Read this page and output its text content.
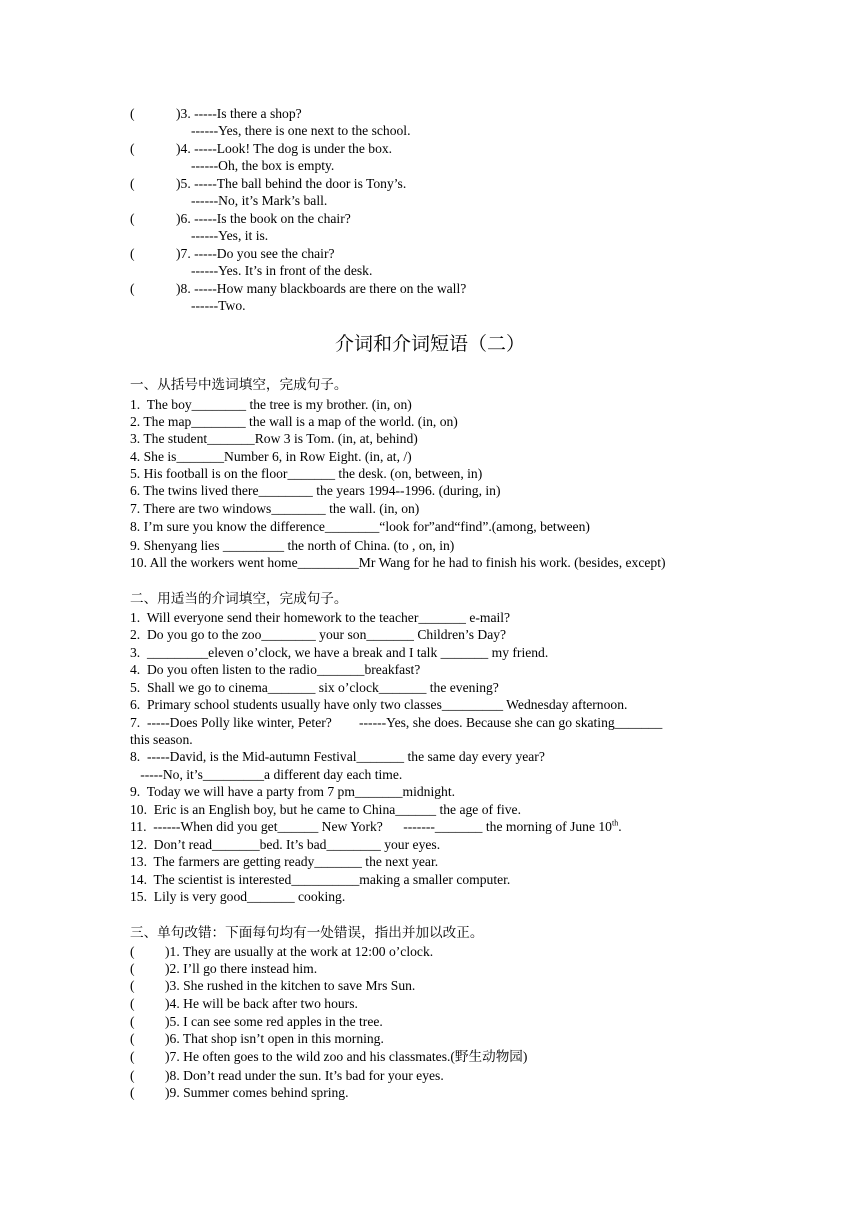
(	)3. -----Is there a shop?
------Yes, there is one next to the school.
(	)4. -----Look! The dog is under the box.
------Oh, the box is empty.
(	)5. -----The ball behind the door is Tony’s.
------No, it’s Mark’s ball.
(	)6. -----Is the book on the chair?
------Yes, it is.
(	)7. -----Do you see the chair?
------Yes. It’s in front of the desk.
(	)8. -----How many blackboards are there on the wall?
------Two.
介词和介词短语（二）
一、从括号中选词填空，完成句子。
1.  The boy________ the tree is my brother. (in, on)
2. The map________ the wall is a map of the world. (in, on)
3. The student_______Row 3 is Tom. (in, at, behind)
4. She is_______Number 6, in Row Eight. (in, at, /)
5. His football is on the floor_______ the desk. (on, between, in)
6. The twins lived there________ the years 1994--1996. (during, in)
7. There are two windows________ the wall. (in, on)
8. I’m sure you know the difference________“look for”and“find”.(among, between)
9. Shenyang lies _________ the north of China. (to , on, in)
10. All the workers went home_________Mr Wang for he had to finish his work. (besides, except)
二、用适当的介词填空，完成句子。
1.  Will everyone send their homework to the teacher_______ e-mail?
2.  Do you go to the zoo________ your son_______ Children’s Day?
3.  _________eleven o’clock, we have a break and I talk _______ my friend.
4.  Do you often listen to the radio_______breakfast?
5.  Shall we go to cinema_______ six o’clock_______ the evening?
6.  Primary school students usually have only two classes_________ Wednesday afternoon.
7.  -----Does Polly like winter, Peter?        ------Yes, she does. Because she can go skating_______
this season.
8.  -----David, is the Mid-autumn Festival_______ the same day every year?
-----No, it’s_________a different day each time.
9.  Today we will have a party from 7 pm_______midnight.
10.  Eric is an English boy, but he came to China______ the age of five.
11.  ------When did you get______ New York?      -------_______ the morning of June 10th.
12.  Don’t read_______bed. It’s bad________ your eyes.
13.  The farmers are getting ready_______ the next year.
14.  The scientist is interested__________making a smaller computer.
15.  Lily is very good_______ cooking.
三、单句改错：下面每句均有一处错误，指出并加以改正。
( )1. They are usually at the work at 12:00 o’clock.
( )2. I’ll go there instead him.
( )3. She rushed in the kitchen to save Mrs Sun.
( )4. He will be back after two hours.
( )5. I can see some red apples in the tree.
( )6. That shop isn’t open in this morning.
( )7. He often goes to the wild zoo and his classmates.(野生动物园)
( )8. Don’t read under the sun. It’s bad for your eyes.
( )9. Summer comes behind spring.
